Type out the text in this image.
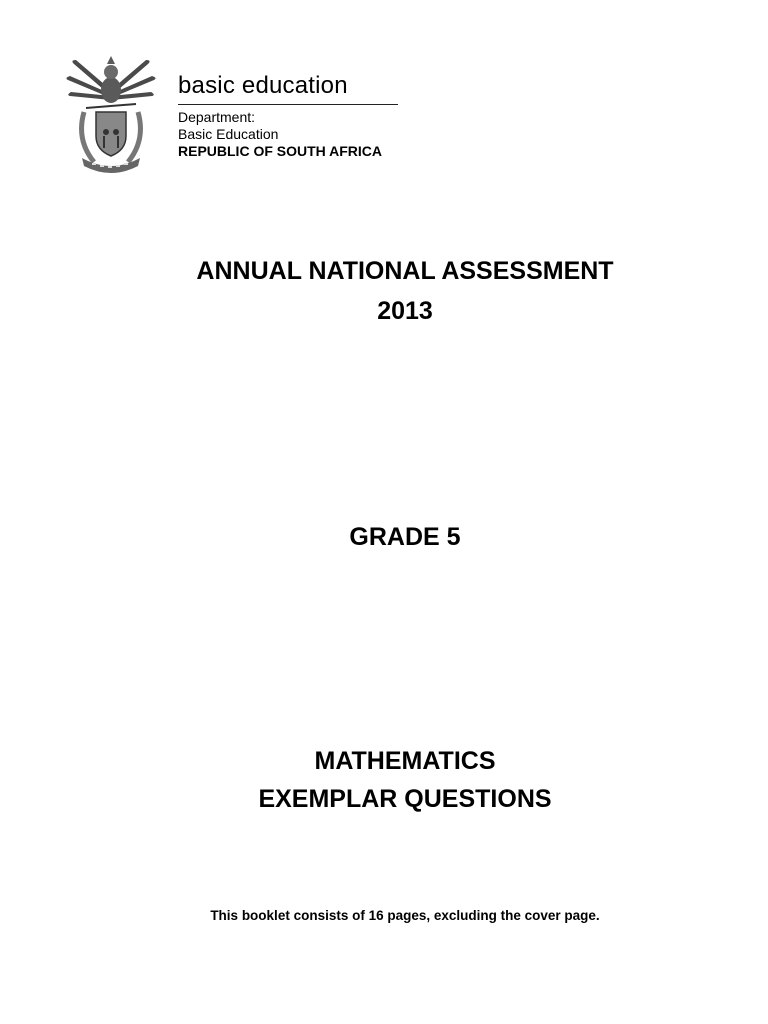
basic education
Department:
Basic Education
REPUBLIC OF SOUTH AFRICA
ANNUAL NATIONAL ASSESSMENT
2013
GRADE 5
MATHEMATICS
EXEMPLAR QUESTIONS
This booklet consists of 16 pages, excluding the cover page.
